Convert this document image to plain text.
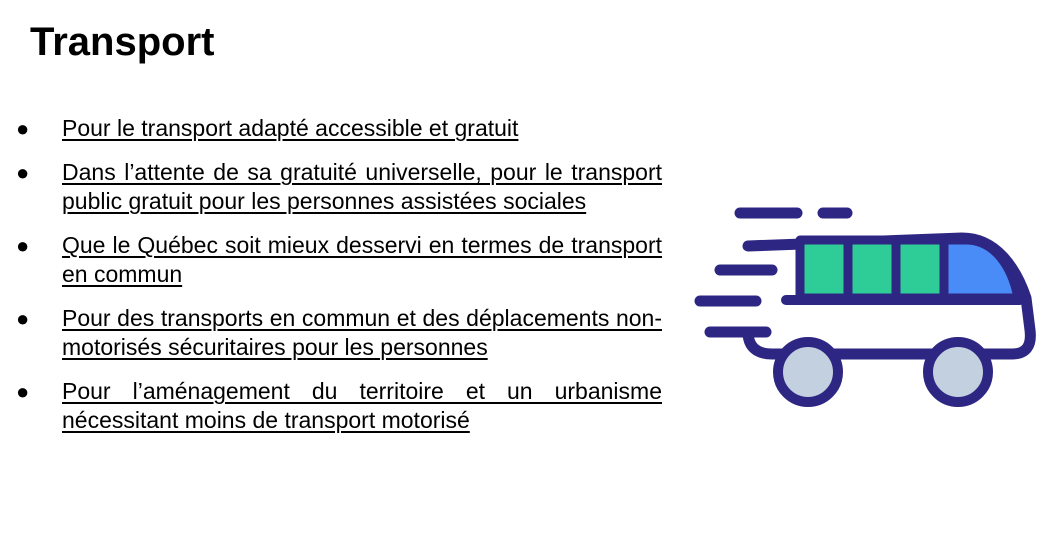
Transport
● Pour le transport adapté accessible et gratuit
● Dans l’attente de sa gratuité universelle, pour le transport public gratuit pour les personnes assistées sociales
● Que le Québec soit mieux desservi en termes de transport en commun
● Pour des transports en commun et des déplacements non-motorisés sécuritaires pour les personnes
● Pour l’aménagement du territoire et un urbanisme nécessitant moins de transport motorisé
